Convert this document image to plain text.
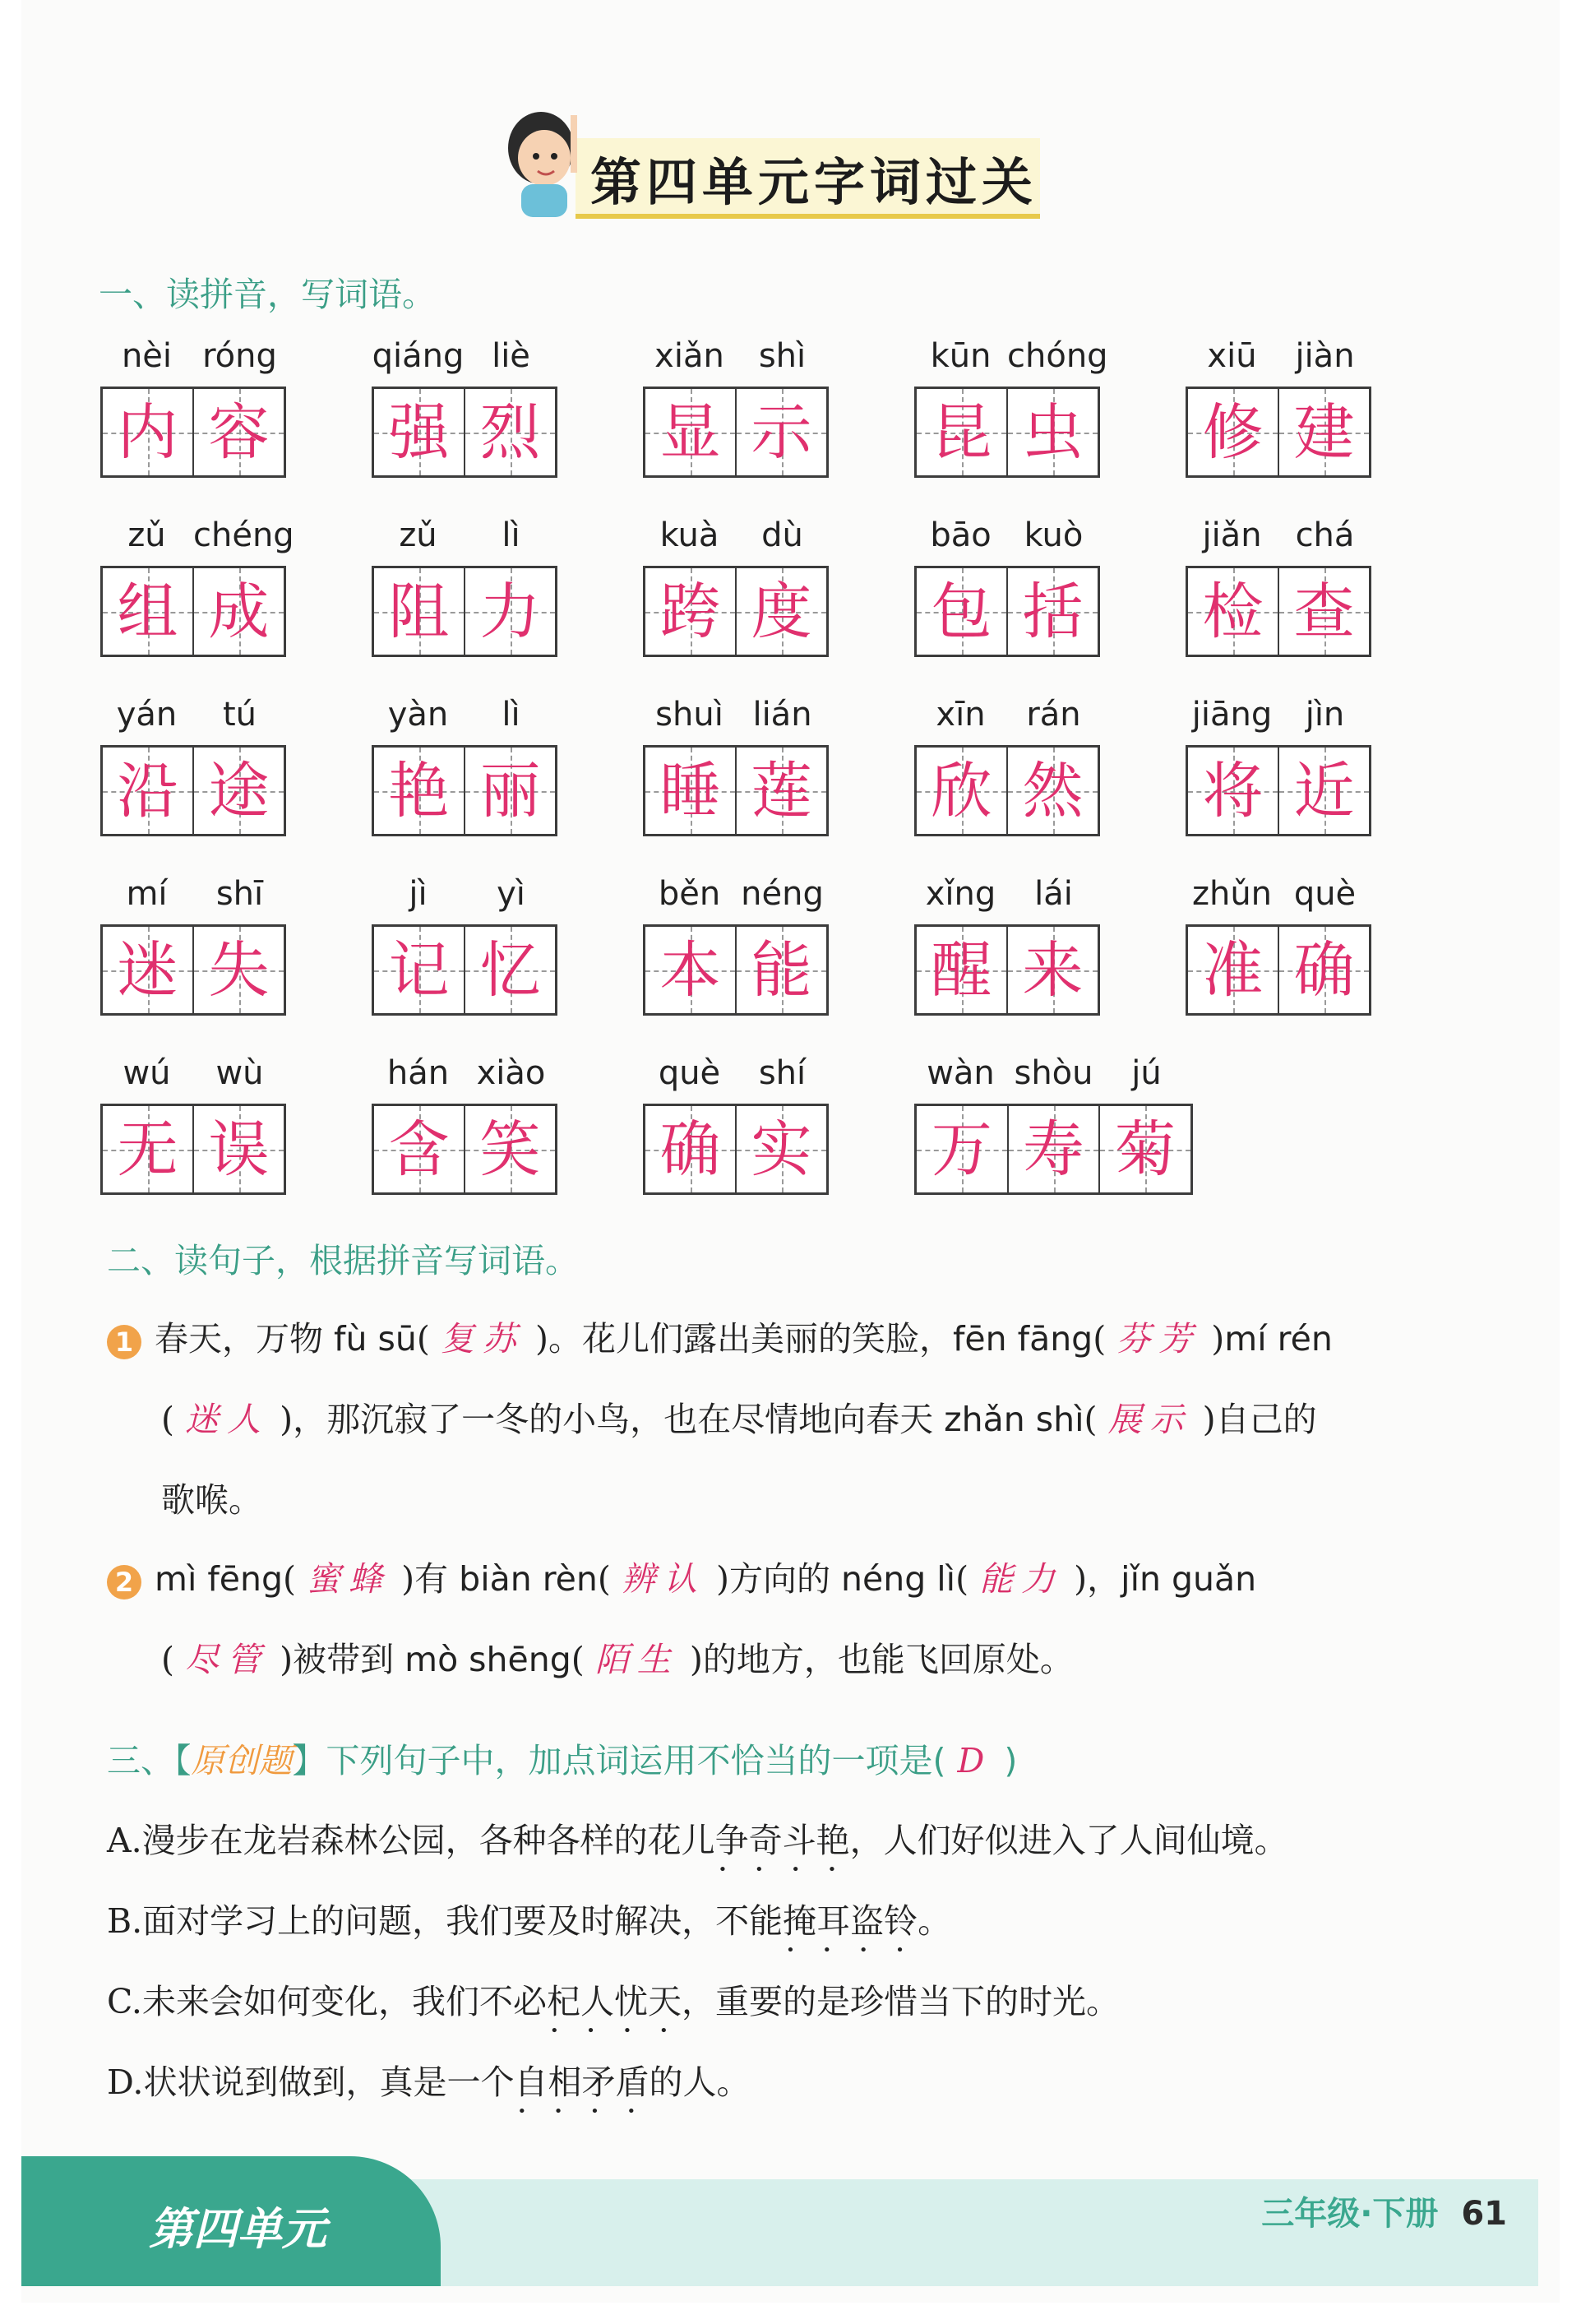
第四单元字词过关
一、读拼音，写词语。
nèi róng
内 容
qiáng liè
强 烈
xiǎn	shì
显 示
kūn chóng
昆 虫
xiū	jiàn
修 建
zǔ chéng
组 成
zǔ	lì
阻 力
kuà	dù
跨 度
bāo kuò
包 括
jiǎn	chá
检 查
yán	tú
沿 途
yàn	lì
艳 丽
shuì lián
睡 莲
xīn	rán
欣 然
jiāng	jìn
将 近
mí	shī
迷 失
jì	yì
记 忆
běn néng
本 能
xǐng	lái
醒 来
zhǔn què
准 确
wú	wù
无 误
hán xiào
含 笑
què	shí
确 实
wàn shòu	jú
万 寿 菊
二、读句子，根据拼音写词语。
1 春天，万物 fù sū( 复苏 )。花儿们露出美丽的笑脸，fēn fāng( 芬芳 )mí rén
( 迷人 )，那沉寂了一冬的小鸟，也在尽情地向春天 zhǎn shì( 展示 )自己的
歌喉。
2 mì fēng( 蜜蜂 )有 biàn rèn( 辨认 )方向的 néng lì( 能力 )，jǐn guǎn
( 尽管 )被带到 mò shēng( 陌生 )的地方，也能飞回原处。
三、【原创题】下列句子中，加点词运用不恰当的一项是( D )
A.漫步在龙岩森林公园，各种各样的花儿争奇斗艳 • • • •，人们好似进入了人间仙境。
B.面对学习上的问题，我们要及时解决，不能掩耳盗铃 • • • •。
C.未来会如何变化，我们不必杞人忧天 • • • •，重要的是珍惜当下的时光。
D.状状说到做到，真是一个自相矛盾 • • • •的人。
第四单元	三年级·下册 61
